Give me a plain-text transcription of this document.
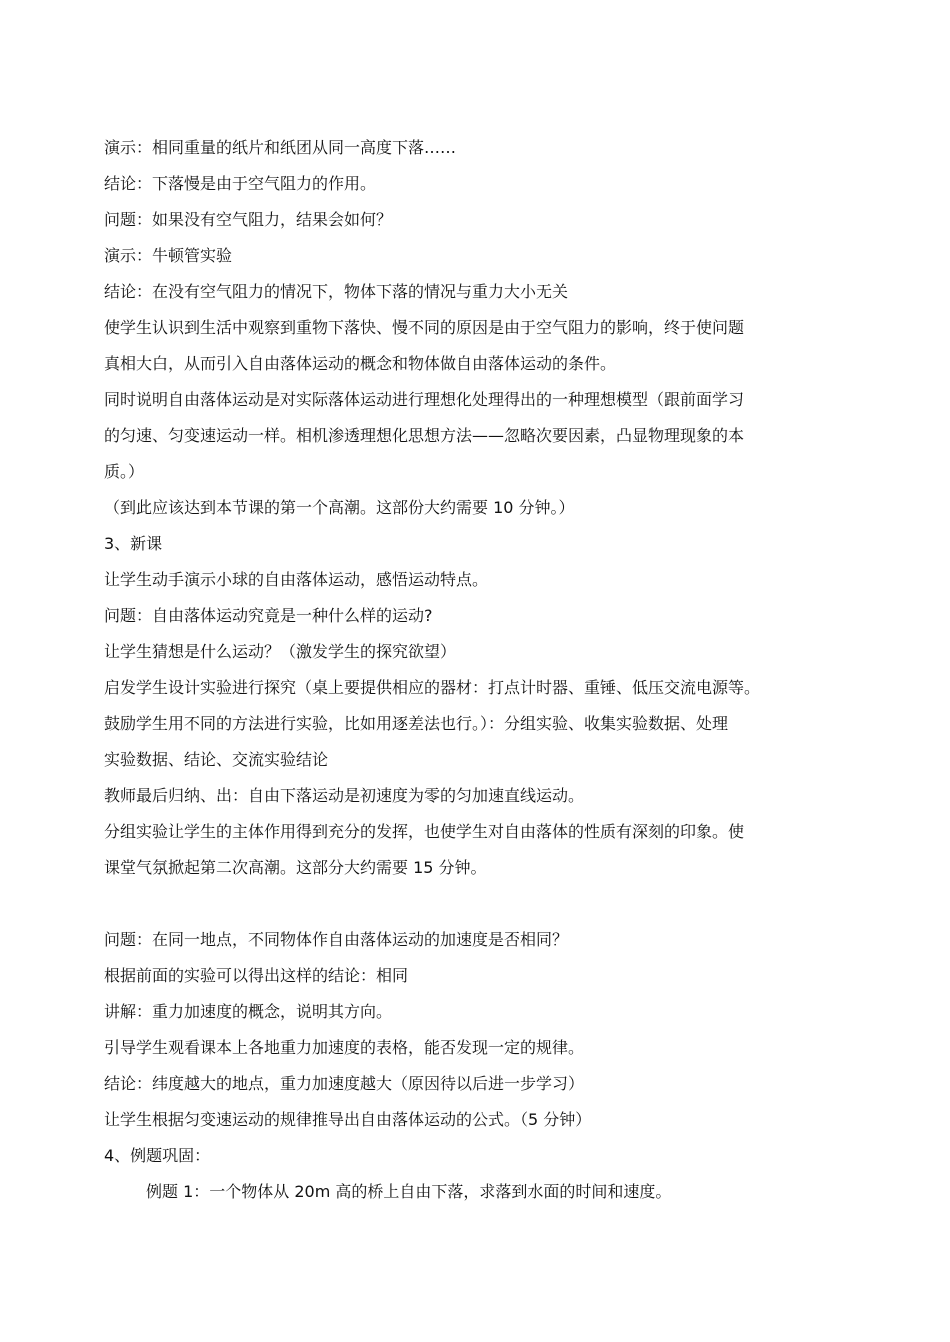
演示：相同重量的纸片和纸团从同一高度下落……
结论：下落慢是由于空气阻力的作用。
问题：如果没有空气阻力，结果会如何？
演示：牛顿管实验
结论：在没有空气阻力的情况下，物体下落的情况与重力大小无关
使学生认识到生活中观察到重物下落快、慢不同的原因是由于空气阻力的影响，终于使问题
真相大白，从而引入自由落体运动的概念和物体做自由落体运动的条件。
同时说明自由落体运动是对实际落体运动进行理想化处理得出的一种理想模型（跟前面学习
的匀速、匀变速运动一样。相机渗透理想化思想方法——忽略次要因素，凸显物理现象的本
质。）
（到此应该达到本节课的第一个高潮。这部份大约需要 10 分钟。）
3、新课
让学生动手演示小球的自由落体运动，感悟运动特点。
问题：自由落体运动究竟是一种什么样的运动?
让学生猜想是什么运动？（激发学生的探究欲望）
启发学生设计实验进行探究（桌上要提供相应的器材：打点计时器、重锤、低压交流电源等。
鼓励学生用不同的方法进行实验，比如用逐差法也行。）：分组实验、收集实验数据、处理
实验数据、结论、交流实验结论
教师最后归纳、出：自由下落运动是初速度为零的匀加速直线运动。
分组实验让学生的主体作用得到充分的发挥，也使学生对自由落体的性质有深刻的印象。使
课堂气氛掀起第二次高潮。这部分大约需要 15 分钟。
问题：在同一地点，不同物体作自由落体运动的加速度是否相同？
根据前面的实验可以得出这样的结论：相同
讲解：重力加速度的概念，说明其方向。
引导学生观看课本上各地重力加速度的表格，能否发现一定的规律。
结论：纬度越大的地点，重力加速度越大（原因待以后进一步学习）
让学生根据匀变速运动的规律推导出自由落体运动的公式。（5 分钟）
4、例题巩固：
例题 1：一个物体从 20m 高的桥上自由下落，求落到水面的时间和速度。
